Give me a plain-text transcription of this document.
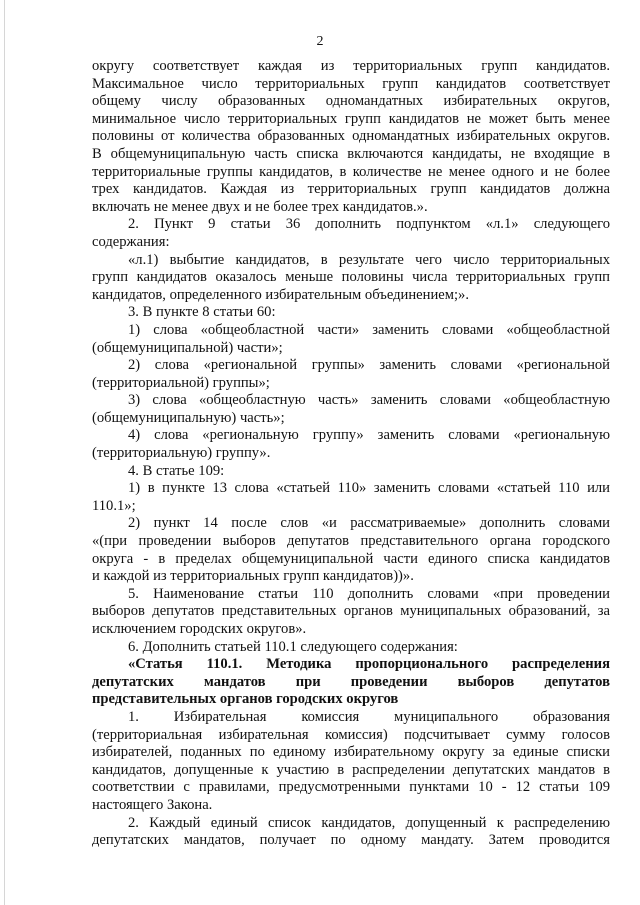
2
округу соответствует каждая из территориальных групп кандидатов.
Максимальное число территориальных групп кандидатов соответствует
общему числу образованных одномандатных избирательных округов,
минимальное число территориальных групп кандидатов не может быть менее
половины от количества образованных одномандатных избирательных округов.
В общемуниципальную часть списка включаются кандидаты, не входящие в
территориальные группы кандидатов, в количестве не менее одного и не более
трех кандидатов. Каждая из территориальных групп кандидатов должна
включать не менее двух и не более трех кандидатов.».
2. Пункт 9 статьи 36 дополнить подпунктом «л.1» следующего
содержания:
«л.1) выбытие кандидатов, в результате чего число территориальных
групп кандидатов оказалось меньше половины числа территориальных групп
кандидатов, определенного избирательным объединением;».
3. В пункте 8 статьи 60:
1) слова «общеобластной части» заменить словами «общеобластной
(общемуниципальной) части»;
2) слова «региональной группы» заменить словами «региональной
(территориальной) группы»;
3) слова «общеобластную часть» заменить словами «общеобластную
(общемуниципальную) часть»;
4) слова «региональную группу» заменить словами «региональную
(территориальную) группу».
4. В статье 109:
1) в пункте 13 слова «статьей 110» заменить словами «статьей 110 или
110.1»;
2) пункт 14 после слов «и рассматриваемые» дополнить словами
«(при проведении выборов депутатов представительного органа городского
округа - в пределах общемуниципальной части единого списка кандидатов
и каждой из территориальных групп кандидатов))».
5. Наименование статьи 110 дополнить словами «при проведении
выборов депутатов представительных органов муниципальных образований, за
исключением городских округов».
6. Дополнить статьей 110.1 следующего содержания:
«Статья 110.1. Методика пропорционального распределения
депутатских мандатов при проведении выборов депутатов
представительных органов городских округов
1. Избирательная комиссия муниципального образования
(территориальная избирательная комиссия) подсчитывает сумму голосов
избирателей, поданных по единому избирательному округу за единые списки
кандидатов, допущенные к участию в распределении депутатских мандатов в
соответствии с правилами, предусмотренными пунктами 10 - 12 статьи 109
настоящего Закона.
2. Каждый единый список кандидатов, допущенный к распределению
депутатских мандатов, получает по одному мандату. Затем проводится
